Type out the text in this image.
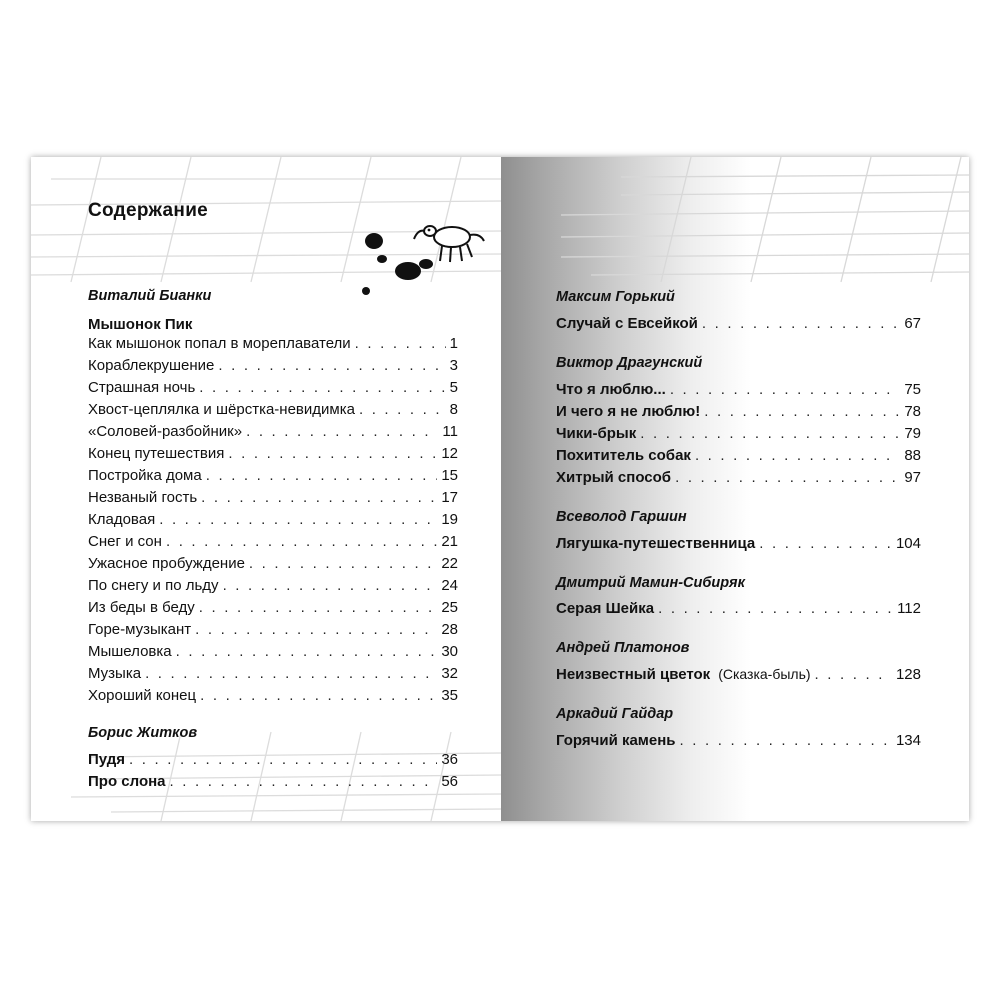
Содержание
Виталий Бианки
Мышонок Пик
Как мышонок попал в мореплаватели . . .	1
Кораблекрушение . . .	3
Страшная ночь . . .	5
Хвост-цеплялка и шёрстка-невидимка . . .	8
«Соловей-разбойник» . . .	11
Конец путешествия . . .	12
Постройка дома . . .	15
Незваный гость . . .	17
Кладовая . . .	19
Снег и сон . . .	21
Ужасное пробуждение . . .	22
По снегу и по льду . . .	24
Из беды в беду . . .	25
Горе-музыкант . . .	28
Мышеловка . . .	30
Музыка . . .	32
Хороший конец . . .	35
Борис Житков
Пудя . . .	36
Про слона . . .	56
Максим Горький
Случай с Евсейкой . . .	67
Виктор Драгунский
Что я люблю... . . .	75
И чего я не люблю! . . .	78
Чики-брык . . .	79
Похититель собак . . .	88
Хитрый способ . . .	97
Всеволод Гаршин
Лягушка-путешественница . . .	104
Дмитрий Мамин-Сибиряк
Серая Шейка . . .	112
Андрей Платонов
Неизвестный цветок (Сказка-быль) . . .	128
Аркадий Гайдар
Горячий камень . . .	134
